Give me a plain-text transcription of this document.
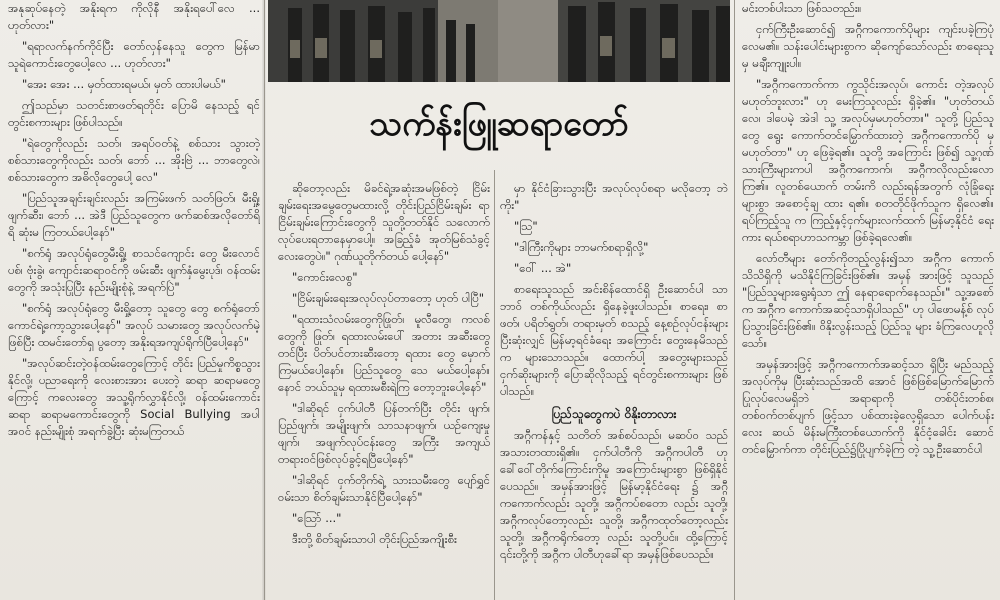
အနုဆုပ်နေတဲ့ အနိုးရက ကိုလိုနီ အနိုးရပေါ်လေ ... ဟုတ်လား"

"ရရာလက်နက်ကိုင်ပြီး တော်လှန်နေသူ တွေက မြန်မာသူရဲကောင်းတွေပေါ့လေ ... ဟုတ်လား"

"အေး အေး ... မှတ်ထားရမယ်၊ မှတ် ထားပါမယ်"

ဤသည်မှာ သတင်းစာဖတ်ရတိုင်း ပြောမိ နေသည့် ရင်တွင်းစကားများ ဖြစ်ပါသည်။

"ရဲတွေကိုလည်း သတ်၊ အရပ်ဝတ်နဲ့ စစ်သား သွားတဲ့ စစ်သားတွေကိုလည်း သတ်၊ ဘော် ... အိုးဗြဲ ... ဘာတွေလဲ၊ စစ်သားတွေက အဓိလိုတွေပေါ့ လေ"

"ပြည်သူအချင်းချင်းလည်း အကြမ်းဖက် သတ်ဖြတ်၊ မီးရှို့၊ ဖျက်ဆီး၊ ဘော် ... အဲဒီ ပြည်သူတွေက ဖက်ဆစ်အလိုတော်ရိရိ ဆုံးမ ကြတယ်ပေါ့နော်"

"စက်ရုံ အလုပ်ရုံတွေမီးရှို့၊ စာသင်ကျောင်း တွေ မီးလောင်ပစ်၊ ဗုံးခွဲ၊ ကျောင်းဆရာဝင်ကို ဖမ်းဆီး ဖျက်နှံမွေးပုဒ်၊ ဝန်ထမ်းတွေကို အသုံးပြုပြီး နည်းမျိုးစုံနဲ့ အရက်ပြဲ"

"စက်ရုံ အလုပ်ရုံတွေ မီးရှို့တော့ သူတွေ တွေ စက်ရုံတော်ကောင်ရဲ့ကော့သွားပေါ့နော်" အလုပ် သမားတွေ အလုပ်လက်မဲ့ဖြစ်ပြီး ထမင်းတော်ရှ ပွတော့ အနိုးရအကျပ်ရိုက်ပြီပေါ့နော်"

"အလုပ်ဆင်းတဲ့ဝန်ထမ်းတွေကြောင့် တိုင်း ပြည်မှုကိစ္စသွားနိုင်လို့၊ ပညာရေးကို လေးစားအား ပေးတဲ့ ဆရာ ဆရာမတွေကြောင့် ကလေးတွေ အသူ့ရိုက်လွှာနိုင်လို့၊ ဝန်ထမ်းကောင်း ဆရာ ဆရာမကောင်းတွေကို Social Bullying အပါ အဝင် နည်းမျိုးစုံ အရက်ခွဲ့ပြီး ဆုံးမကြတယ်

သက်န်းဖြူဆရာတော်

ဆိုတော့လည်း မိခင်ရဲ့အဆုံးအမဖြစ်တဲ့ ငြိမ်း ချမ်းရေးအမွေတွေမထားလို့ တိုင်းပြည်ငြိမ်းချမ်း ရာ ငြိမ်းချမ်းကြောင်းတွေကို သူတို့တတ်နိုင် သလောက် လုပ်ပေးရတာနေမှာပေါ့။ အခြည့်ခံ အုတ်မြစ်သံခွင့်လေးတွေပဲ။" ဂုဏ်ယူတိုက်တယ် ပေါ့နော်"

"ကောင်းလေစွ"

"ငြိမ်းချမ်းရေးအလုပ်လုပ်တာတော့ ဟုတ် ပါပြီ"

"ရထားသံလမ်းတွေကိုဖြုတ်၊ မူလီတွေ၊ ကလစ်တွေကို ဖြုတ်၊ ရထားလမ်းပေါ် အတား အဆီးတွေတင်ပြီး ပိတ်ပင်တားဆီးတော့ ရထား တွေ မှောက်ကြမယ်ပေါ့နော်။ ပြည်သူတွေ သေ မယ်ပေါ့နော်။ နောင် ဘယ်သူမှ ရထားမစီးရဲကြ တော့ဘူးပေါ့နော်"

"ဒါဆိုရင် ငှက်ပါတီ ပြန်တက်ပြီး တိုင်း ဖျက်၊ ပြည်ဖျက်၊ အမျိုးဖျက်၊ သာသနာဖျက်၊ ယဉ်ကျေးမှုဖျက်၊ အဖျက်လုပ်ငန်းတွေ အကြီး အကျယ် တရားဝင်ဖြစ်လုပ်ခွင့်ရပြီပေါ့နော်"

"ဒါဆိုရင် ငှက်တိုက်ရဲ့ သားသမီးတွေ ပျော်ရွှင်ဝမ်းသာ စိတ်ချမ်းသာနိုင်ပြီပေါ့နော်"

"ဩော် ..."

ဒီးတို့ စိတ်ချမ်းသာပါ တိုင်းပြည်အကျိုးစီး

မှာ နိုင်ငံခြားသွားပြီး အလုပ်လုပ်စရာ မလိုတော့ ဘဲကိုး"

"ဩ"

"ဒါကြီးကိုများ ဘာမက်စရာရှိလို့"

"ဝေါ် ... အဲ"

စာရေးသူသည် အင်းစိန်ထောင်ရှိ ဦးဆောင်ပါ သာဘာဝ် တစ်ကိုယ်လည်း ရှိနေခဲ့ဖူးပါသည်။ စာရေး၊ စာဖတ်၊ ပရိတ်ရွတ်၊ တရားမှတ် စသည့် နေ့စဉ်လုပ်ငန်းများပြီးဆုံးလျှင် မြန်မာ့ရင်ခံရေး အကြောင်း တွေးနေမိသည်က များသောသည်။ ထောက်ပါ့ အတွေးများသည် ငှက်ဆိုးများကို ပြောဆိုလိုသည့် ရင်တွင်းစကားများ ဖြစ်ပါသည်။

ပြည်သူတွေကပဲ ဝိနိုးတာလား

အဂ္ဂီကန်နှင့် သတိတ် အစ်စပ်သည်၊ မဆပ်ဝ သည် အသားတထားရှိ၏။ ငှက်ပါတီကို အဂ္ဂီကပါတီ ဟု ခေါ်ဝေါ်တိုက်ကြောင်းကိုမူ အကြောင်းများစွာ ဖြစ်ရှိနိုင်ပေသည်။ အမှန်အားဖြင့် မြန်မာ့နိုင်ငံရေး ၌ အဂ္ဂီကကောက်လည်း သူတို့၊ အဂ္ဂီကပ်စတော လည်း သူတို့၊ အဂ္ဂီကလုပ်တော့လည်း သူတို့၊ အဂ္ဂီကထုတ်တော့လည်း သူတို့၊ အဂ္ဂီကရိုက်တော့ လည်း သူတို့ပင်။ ထို့ကြောင့် ၎င်းတို့ကို အဂ္ဂီက ပါတီဟုခေါ်ရာ အမှန်ဖြစ်ပေသည်။

မင်းတစ်ပါးသာ ဖြစ်သတည်း။

ငှက်ကြီးဦးဆောင်၍ အဂ္ဂီကကောက်ပိုများ ကျင်းပခဲ့ကြပုံလေမ၏။ သန်းပေါင်းများစွာက ဆိုကျော်သော်လည်း စာရေးသူမှ မချီးကျူးပါ။

"အဂ္ဂီကကောက်ကာ ကွသိုင်းအလုပ်၊ ကောင်း တဲ့အလုပ် မဟုတ်ဘူးလား" ဟု မေးကြသူလည်း ရှိခဲ့၏။ "ဟုတ်တယ်လေ၊ ဒါပေမဲ့ အဲဒါ သူ့ အလုပ်မှမဟုတ်တာ။" သူတို့ ပြည်သူတွေ ရွေး ကောက်တင်မြှောက်ထားတဲ့ အဂ္ဂီကကောက်ပို မှ မဟုတ်တာ" ဟု ဖြေခဲ့ရ၏။ သူတို့ အကြောင်း ဖြစ်၍ သူ့ဂုဏ်သားကြီးများကပါ အဂ္ဂီကကောက်၊ အဂ္ဂီကလိုလည်းလောကြ၏။ လူတစ်ယောက် တမ်းကိ လည်းရန်အတွက် လုံခြုံရေးများစွာ အစောင့်ချ ထား ရ၏။ စတတိုင်ဖိုက်သူက ရှိလေ၏။ ရပ်ကြည့်သူ က ကြည့်နှင့်ငှက်များလက်ထက် မြန်မာ့နိုင်ငံ ရေးကား ရယ်စရာဟာသကမ္ဘာ ဖြစ်ခဲ့ရလေ၏။

လော်တီများ တော်ကိုတည့်လွန်း၍သာ အဂ္ဂီက ကောက်သိသိရှိကို မသိနိုင်ကြခြင်းဖြစ်၏။ အမှန် အားဖြင့် သူသည် "ပြည်သူများရွေးရုံသာ ဤ နေရာရောက်နေသည်။" သူ့အစော်က အဂ္ဂီက ကောက်အဆင့်သာရှိပါသည်" ဟု ပါဖောမန့်စ် လုပ်ပြသွားခြင်းဖြစ်၏။ ဝိနိုးလွန်းသည့် ပြည်သူ များ ခံကြလေဟူလိုသော်။

အမှန်အားဖြင့် အဂ္ဂီကကောက်အဆင့်သာ ရှိပြီး မည်သည့်အလုပ်ကိုမှ ပြီးဆုံးသည်အထိ အောင် ဖြစ်ဖြစ်မြောက်မြောက် ပြုလုပ်လေမရှိဘဲ အရာရာကို တစ်ပိုင်းတစ်စ၊ တစ်ဝက်တစ်ပျက် ဖြင့်သာ ပစ်ထားခဲ့လေ့ရှိသော ပေါက်ပန်း လေး ဆယ် မိန်းမကြီးတစ်ယောက်ကို နိုင်ငံ့ခေါင်း ဆောင်တင်မြှောက်ကာ တိုင်းပြည်၌ပြိုပျက်ခဲ့ကြ တဲ့ သူ့ဦးဆောင်ပါ
